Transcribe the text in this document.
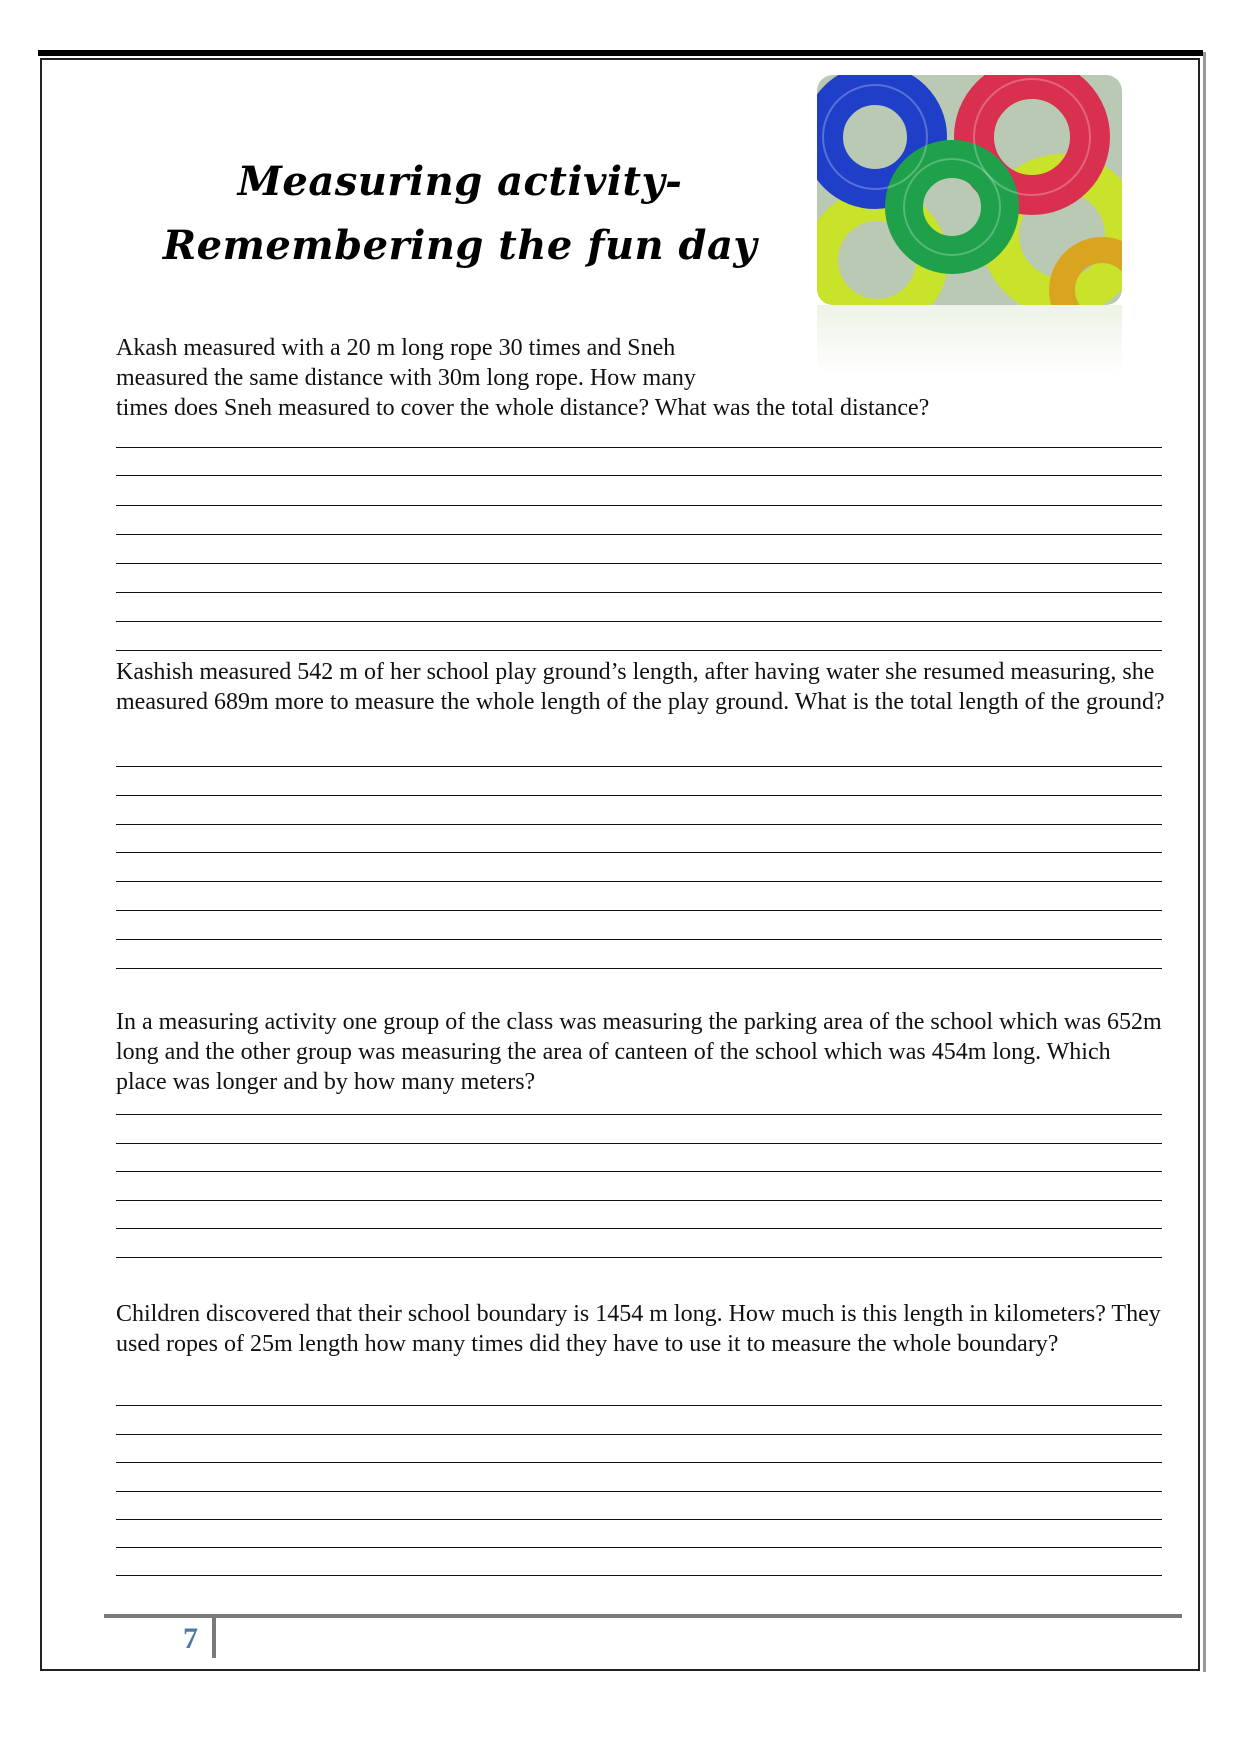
Measuring activity- Remembering the fun day
Akash measured with a 20 m long rope 30 times and Sneh
measured the same distance with 30m long rope. How many
times does Sneh measured to cover the whole distance? What was the total distance?

Kashish measured 542 m of her school play ground’s length, after having water she resumed measuring, she measured 689m more to measure the whole length of the play ground. What is the total length of the ground?

In a measuring activity one group of the class was measuring the parking area of the school which was 652m long and the other group was measuring the area of canteen of the school which was 454m long. Which place was longer and by how many meters?

Children discovered that their school boundary is 1454 m long. How much is this length in kilometers? They used ropes of 25m length how many times did they have to use it to measure the whole boundary?

7
